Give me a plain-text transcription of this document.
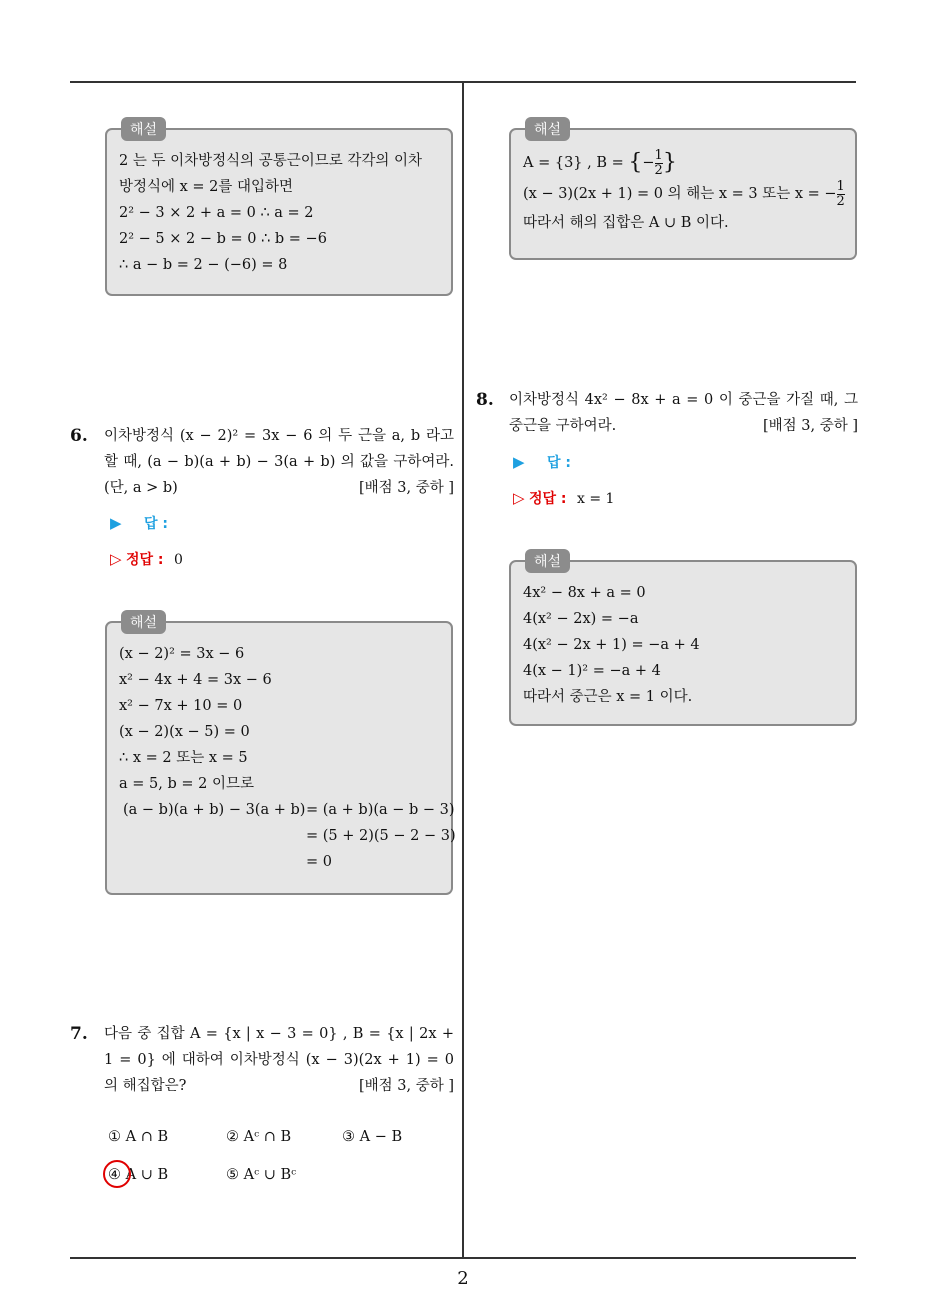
해설
2 는 두 이차방정식의 공통근이므로 각각의 이차
방정식에 x = 2를 대입하면
2² − 3 × 2 + a = 0 ∴ a = 2
2² − 5 × 2 − b = 0 ∴ b = −6
∴ a − b = 2 − (−6) = 8
6. 이차방정식 (x − 2)² = 3x − 6 의 두 근을 a, b 라고 할 때, (a − b)(a + b) − 3(a + b) 의 값을 구하여라. (단, a > b)	[배점 3, 중하 ]
▶ 답 :
▷ 정답 : 0
해설
(x − 2)² = 3x − 6
x² − 4x + 4 = 3x − 6
x² − 7x + 10 = 0
(x − 2)(x − 5) = 0
∴ x = 2 또는 x = 5
a = 5, b = 2 이므로
(a − b)(a + b) − 3(a + b) = (a + b)(a − b − 3)
= (5 + 2)(5 − 2 − 3)
= 0
7. 다음 중 집합 A = {x | x − 3 = 0} , B = {x | 2x + 1 = 0} 에 대하여 이차방정식 (x − 3)(2x + 1) = 0 의 해집합은?	[배점 3, 중하 ]
① A ∩ B	② Aᶜ ∩ B	③ A − B
④ A ∪ B	⑤ Aᶜ ∪ Bᶜ
해설
A = {3} , B = {− $\frac{1}{2}$ }
(x − 3)(2x + 1) = 0 의 해는 x = 3 또는 x = − $\frac{1}{2}$
따라서 해의 집합은 A ∪ B 이다.
8. 이차방정식 4x² − 8x + a = 0 이 중근을 가질 때, 그 중근을 구하여라.	[배점 3, 중하 ]
▶ 답 :
▷ 정답 : x = 1
해설
4x² − 8x + a = 0
4(x² − 2x) = −a
4(x² − 2x + 1) = −a + 4
4(x − 1)² = −a + 4
따라서 중근은 x = 1 이다.
2
